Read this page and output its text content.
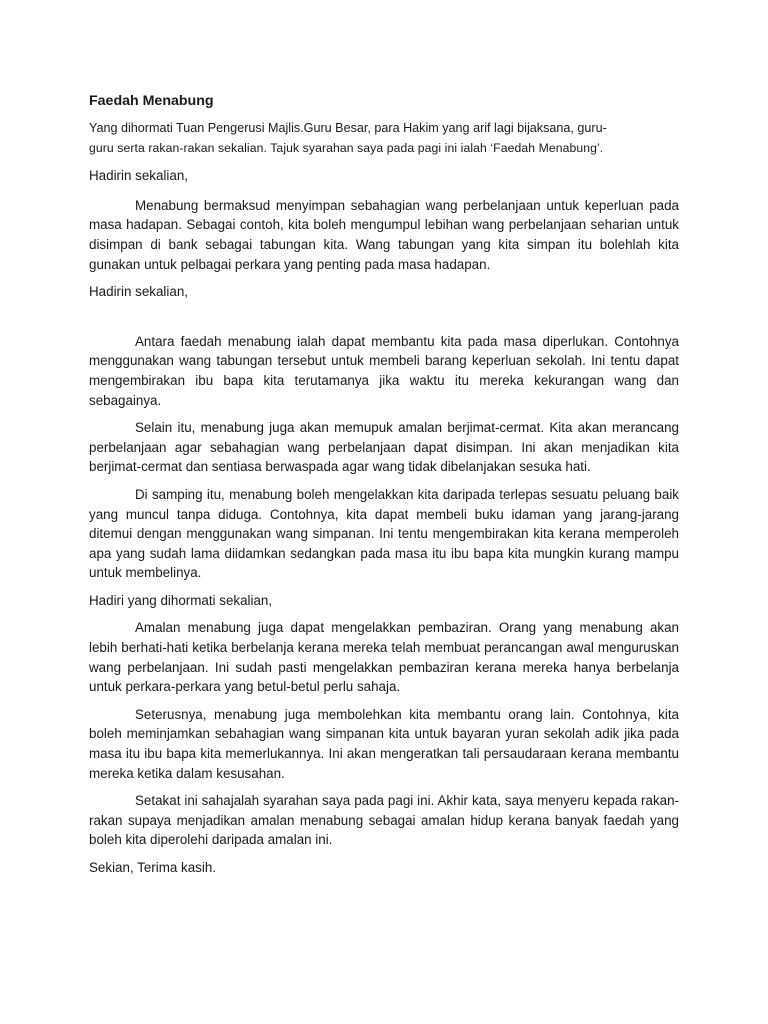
Faedah Menabung
Yang dihormati Tuan Pengerusi Majlis.Guru Besar, para Hakim yang arif lagi bijaksana, guru-
guru serta rakan-rakan sekalian. Tajuk syarahan saya pada pagi ini ialah ‘Faedah Menabung’.

Hadirin sekalian,

Menabung bermaksud menyimpan sebahagian wang perbelanjaan untuk keperluan pada masa hadapan. Sebagai contoh, kita boleh mengumpul lebihan wang perbelanjaan seharian untuk disimpan di bank sebagai tabungan kita. Wang tabungan yang kita simpan itu bolehlah kita gunakan untuk pelbagai perkara yang penting pada masa hadapan.

Hadirin sekalian,

Antara faedah menabung ialah dapat membantu kita pada masa diperlukan. Contohnya menggunakan wang tabungan tersebut untuk membeli barang keperluan sekolah. Ini tentu dapat mengembirakan ibu bapa kita terutamanya jika waktu itu mereka kekurangan wang dan sebagainya.

Selain itu, menabung juga akan memupuk amalan berjimat-cermat. Kita akan merancang perbelanjaan agar sebahagian wang perbelanjaan dapat disimpan. Ini akan menjadikan kita berjimat-cermat dan sentiasa berwaspada agar wang tidak dibelanjakan sesuka hati.

Di samping itu, menabung boleh mengelakkan kita daripada terlepas sesuatu peluang baik yang muncul tanpa diduga. Contohnya, kita dapat membeli buku idaman yang jarang-jarang ditemui dengan menggunakan wang simpanan. Ini tentu mengembirakan kita kerana memperoleh apa yang sudah lama diidamkan sedangkan pada masa itu ibu bapa kita mungkin kurang mampu untuk membelinya.

Hadiri yang dihormati sekalian,

Amalan menabung juga dapat mengelakkan pembaziran. Orang yang menabung akan lebih berhati-hati ketika berbelanja kerana mereka telah membuat perancangan awal menguruskan wang perbelanjaan. Ini sudah pasti mengelakkan pembaziran kerana mereka hanya berbelanja untuk perkara-perkara yang betul-betul perlu sahaja.

Seterusnya, menabung juga membolehkan kita membantu orang lain. Contohnya, kita boleh meminjamkan sebahagian wang simpanan kita untuk bayaran yuran sekolah adik jika pada masa itu ibu bapa kita memerlukannya. Ini akan mengeratkan tali persaudaraan kerana membantu mereka ketika dalam kesusahan.

Setakat ini sahajalah syarahan saya pada pagi ini. Akhir kata, saya menyeru kepada rakan-rakan supaya menjadikan amalan menabung sebagai amalan hidup kerana banyak faedah yang boleh kita diperolehi daripada amalan ini.

Sekian, Terima kasih.
